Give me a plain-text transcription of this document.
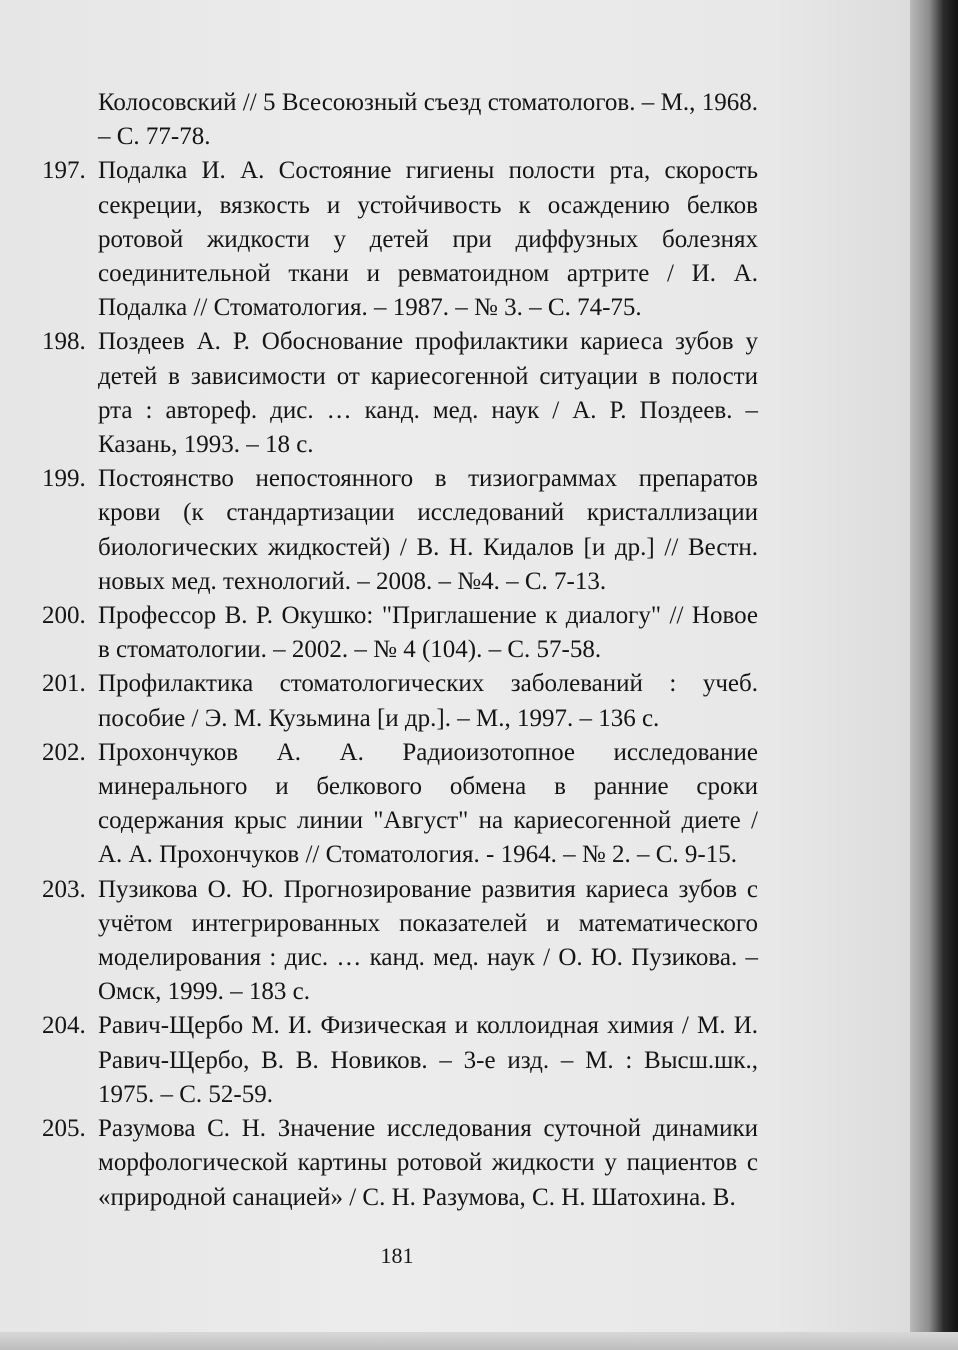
Колосовский // 5 Всесоюзный съезд стоматологов. – М., 1968. – С. 77-78.
197. Подалка И. А. Состояние гигиены полости рта, скорость секреции, вязкость и устойчивость к осаждению белков ротовой жидкости у детей при диффузных болезнях соединительной ткани и ревматоидном артрите / И. А. Подалка // Стоматология. – 1987. – № 3. – С. 74-75.
198. Поздеев А. Р. Обоснование профилактики кариеса зубов у детей в зависимости от кариесогенной ситуации в полости рта : автореф. дис. … канд. мед. наук / А. Р. Поздеев. – Казань, 1993. – 18 с.
199. Постоянство непостоянного в тизиограммах препаратов крови (к стандартизации исследований кристаллизации биологических жидкостей) / В. Н. Кидалов [и др.] // Вестн. новых мед. технологий. – 2008. – №4. – С. 7-13.
200. Профессор В. Р. Окушко: "Приглашение к диалогу" // Новое в стоматологии. – 2002. – № 4 (104). – С. 57-58.
201. Профилактика стоматологических заболеваний : учеб. пособие / Э. М. Кузьмина [и др.]. – М., 1997. – 136 с.
202. Прохончуков А. А. Радиоизотопное исследование минерального и белкового обмена в ранние сроки содержания крыс линии "Август" на кариесогенной диете / А. А. Прохончуков // Стоматология. - 1964. – № 2. – С. 9-15.
203. Пузикова О. Ю. Прогнозирование развития кариеса зубов с учётом интегрированных показателей и математического моделирования : дис. … канд. мед. наук / О. Ю. Пузикова. – Омск, 1999. – 183 с.
204. Равич-Щербо М. И. Физическая и коллоидная химия / М. И. Равич-Щербо, В. В. Новиков. – 3-е изд. – М. : Высш.шк., 1975. – С. 52-59.
205. Разумова С. Н. Значение исследования суточной динамики морфологической картины ротовой жидкости у пациентов с «природной санацией» / С. Н. Разумова, С. Н. Шатохина. В.
181
